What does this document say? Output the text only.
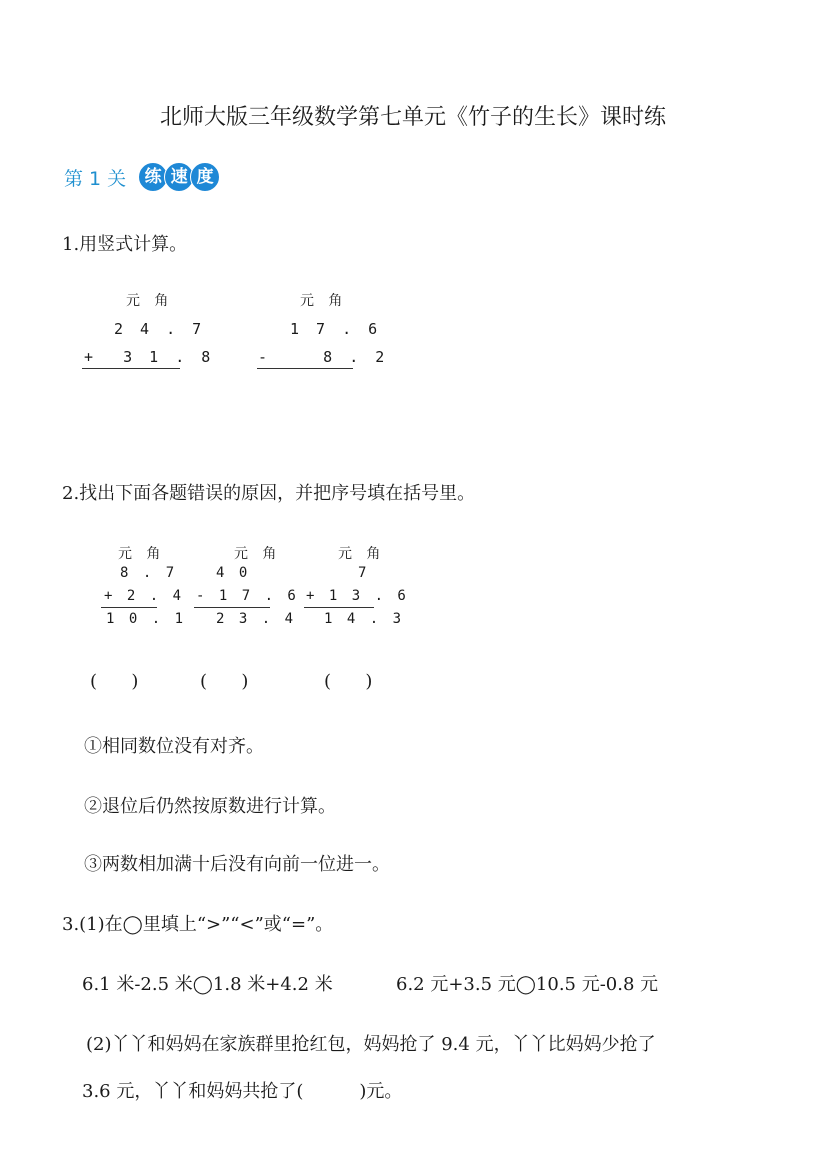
北师大版三年级数学第七单元《竹子的生长》课时练
第 1 关	练 速 度
1.用竖式计算。
元 角
2 4 . 7
+  3 1 . 8
元 角
1 7 . 6
-    8 . 2
2.找出下面各题错误的原因，并把序号填在括号里。
元 角
8 . 7
+ 2 . 4
1 0 . 1
元 角
4 0
- 1 7 . 6
2 3 . 4
元 角
7
+ 1 3 . 6
1 4 . 3
(      )	(      )	(      )
①相同数位没有对齐。
②退位后仍然按原数进行计算。
③两数相加满十后没有向前一位进一。
3.(1)在◯里填上“>”“<”或“=”。
6.1 米-2.5 米◯1.8 米+4.2 米	6.2 元+3.5 元◯10.5 元-0.8 元
(2)丫丫和妈妈在家族群里抢红包，妈妈抢了 9.4 元，丫丫比妈妈少抢了
3.6 元，丫丫和妈妈共抢了(	)元。
